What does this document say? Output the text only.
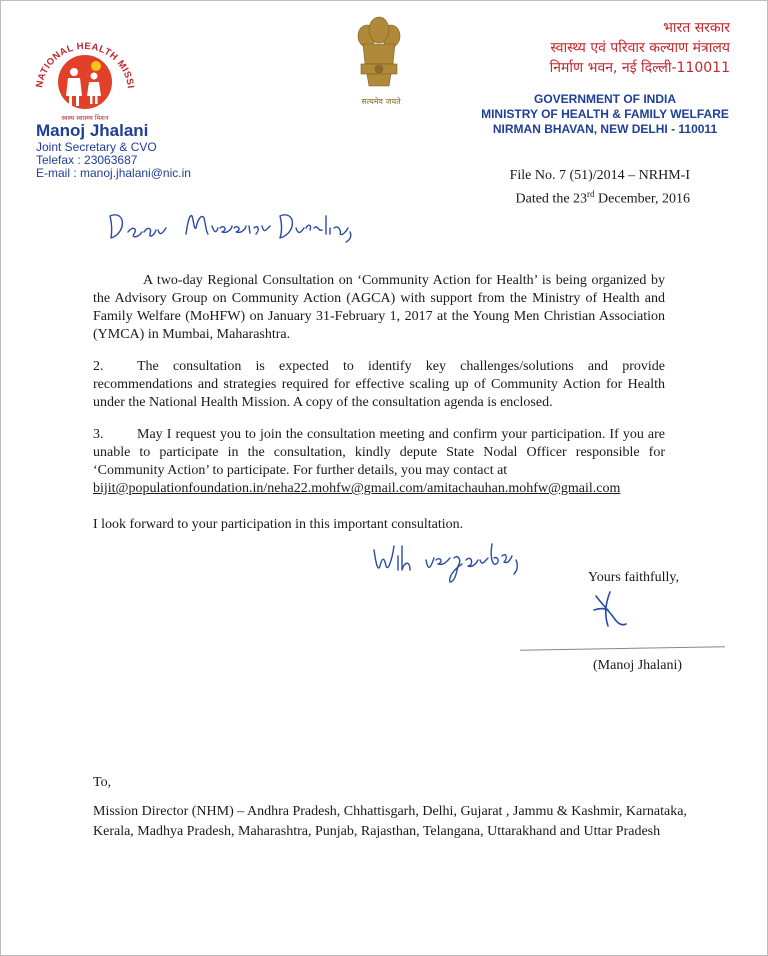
NATIONAL HEALTH MISSI
स्वस्थ स्वास्थ्य मिशन
Manoj Jhalani
Joint Secretary & CVO
Telefax : 23063687
E-mail : manoj.jhalani@nic.in
सत्यमेव जयते
भारत सरकार
स्वास्थ्य एवं परिवार कल्याण मंत्रालय
निर्माण भवन, नई दिल्ली-110011
GOVERNMENT OF INDIA
MINISTRY OF HEALTH & FAMILY WELFARE
NIRMAN BHAVAN, NEW DELHI - 110011
File No. 7 (51)/2014 – NRHM-I
Dated the 23rd December, 2016
A two-day Regional Consultation on ‘Community Action for Health’ is being organized by the Advisory Group on Community Action (AGCA) with support from the Ministry of Health and Family Welfare (MoHFW) on January 31-February 1, 2017 at the Young Men Christian Association (YMCA) in Mumbai, Maharashtra.
2. The consultation is expected to identify key challenges/solutions and provide recommendations and strategies required for effective scaling up of Community Action for Health under the National Health Mission. A copy of the consultation agenda is enclosed.
3. May I request you to join the consultation meeting and confirm your participation. If you are unable to participate in the consultation, kindly depute State Nodal Officer responsible for ‘Community Action’ to participate. For further details, you may contact at
bijit@populationfoundation.in/neha22.mohfw@gmail.com/amitachauhan.mohfw@gmail.com
I look forward to your participation in this important consultation.
Yours faithfully,
(Manoj Jhalani)
To,
Mission Director (NHM) – Andhra Pradesh, Chhattisgarh, Delhi, Gujarat , Jammu & Kashmir, Karnataka, Kerala, Madhya Pradesh, Maharashtra, Punjab, Rajasthan, Telangana, Uttarakhand and Uttar Pradesh
